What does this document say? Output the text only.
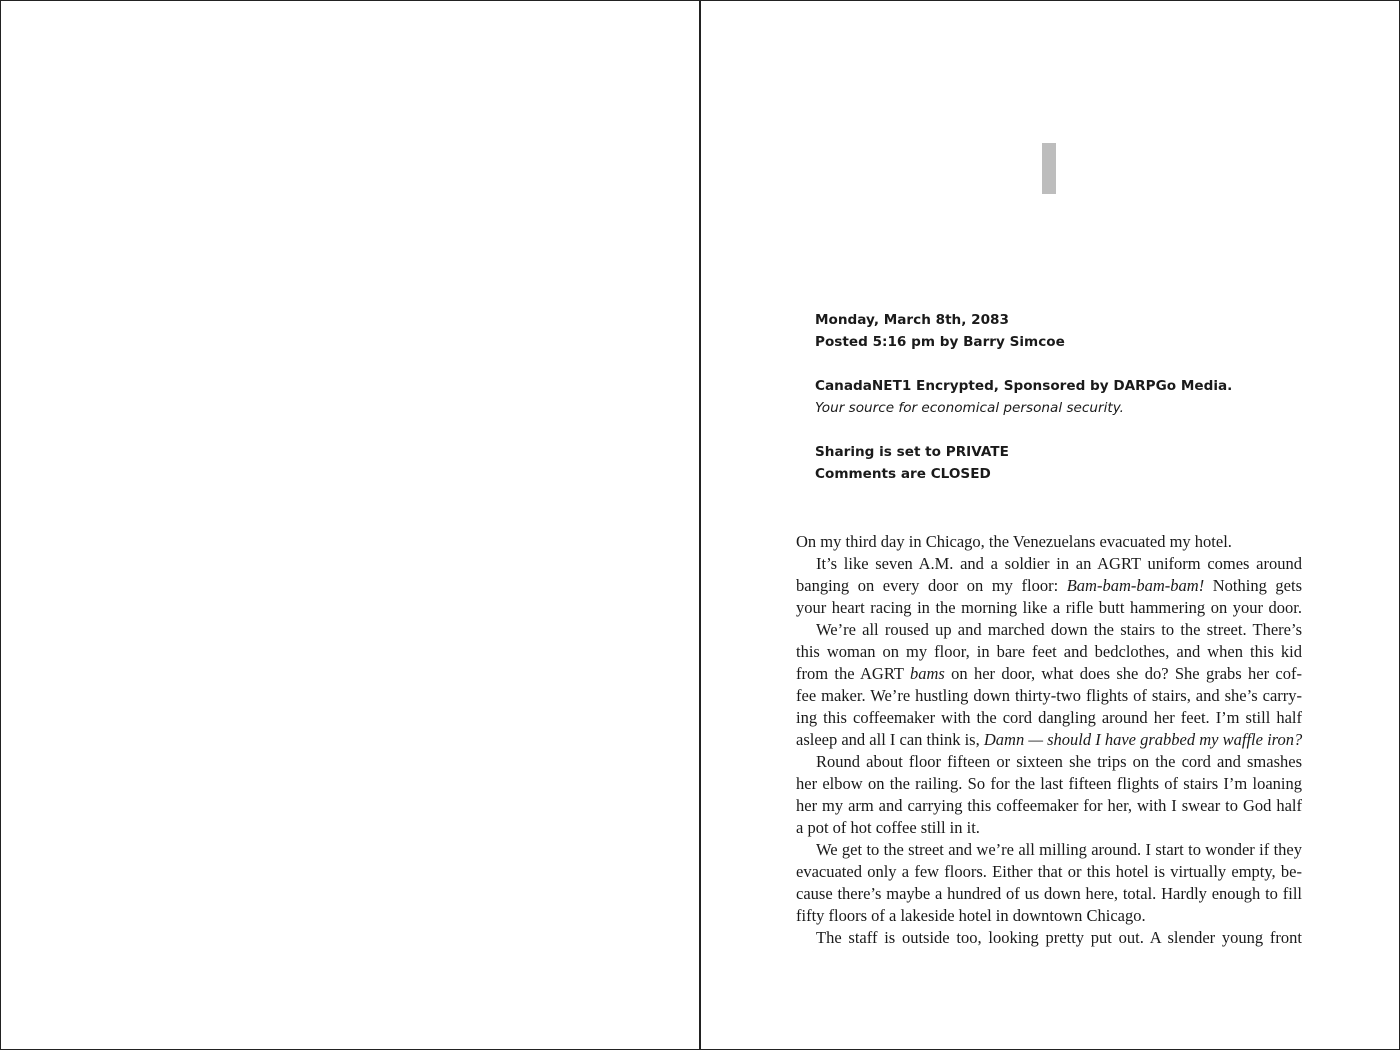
Monday, March 8th, 2083
Posted 5:16 pm by Barry Simcoe
CanadaNET1 Encrypted, Sponsored by DARPGo Media.
Your source for economical personal security.
Sharing is set to PRIVATE
Comments are CLOSED
On my third day in Chicago, the Venezuelans evacuated my hotel.
It’s like seven A.M. and a soldier in an AGRT uniform comes around
banging on every door on my floor: Bam-bam-bam-bam! Nothing gets
your heart racing in the morning like a rifle butt hammering on your door.
We’re all roused up and marched down the stairs to the street. There’s
this woman on my floor, in bare feet and bedclothes, and when this kid
from the AGRT bams on her door, what does she do? She grabs her cof-
fee maker. We’re hustling down thirty-two flights of stairs, and she’s carry-
ing this coffeemaker with the cord dangling around her feet. I’m still half
asleep and all I can think is, Damn — should I have grabbed my waffle iron?
Round about floor fifteen or sixteen she trips on the cord and smashes
her elbow on the railing. So for the last fifteen flights of stairs I’m loaning
her my arm and carrying this coffeemaker for her, with I swear to God half
a pot of hot coffee still in it.
We get to the street and we’re all milling around. I start to wonder if they
evacuated only a few floors. Either that or this hotel is virtually empty, be-
cause there’s maybe a hundred of us down here, total. Hardly enough to fill
fifty floors of a lakeside hotel in downtown Chicago.
The staff is outside too, looking pretty put out. A slender young front
